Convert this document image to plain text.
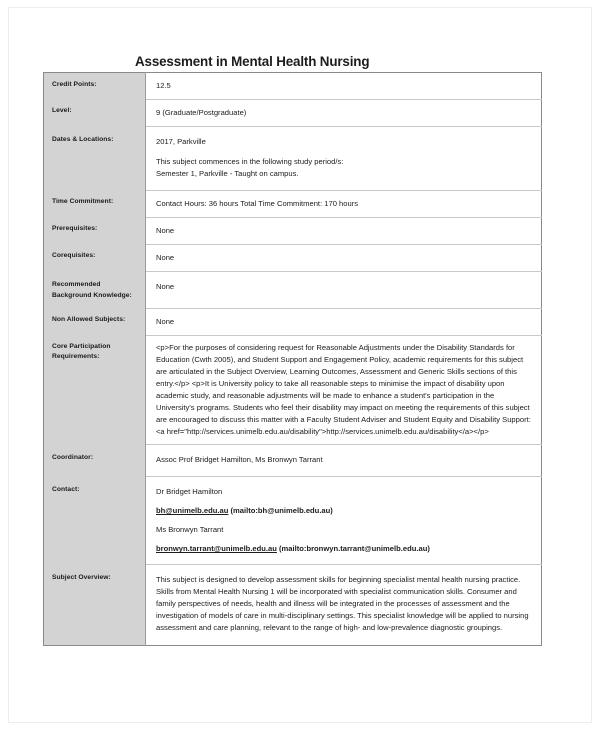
Assessment in Mental Health Nursing
Credit Points:	12.5
Level:	9 (Graduate/Postgraduate)
Dates & Locations:	2017, Parkville

This subject commences in the following study period/s:

Semester 1, Parkville - Taught on campus.

Time Commitment:	Contact Hours: 36 hours Total Time Commitment: 170 hours
Prerequisites:	None
Corequisites:	None
Recommended Background Knowledge:	None
Non Allowed Subjects:	None
Core Participation Requirements:	<p>For the purposes of considering request for Reasonable Adjustments under the Disability Standards for Education (Cwth 2005), and Student Support and Engagement Policy, academic requirements for this subject are articulated in the Subject Overview, Learning Outcomes, Assessment and Generic Skills sections of this entry.</p> <p>It is University policy to take all reasonable steps to minimise the impact of disability upon academic study, and reasonable adjustments will be made to enhance a student's participation in the University's programs. Students who feel their disability may impact on meeting the requirements of this subject are encouraged to discuss this matter with a Faculty Student Adviser and Student Equity and Disability Support: <a href="http://services.unimelb.edu.au/disability">http://services.unimelb.edu.au/disability</a></p>
Coordinator:	Assoc Prof Bridget Hamilton, Ms Bronwyn Tarrant
Contact:	Dr Bridget Hamilton

bh@unimelb.edu.au (mailto:bh@unimelb.edu.au)

Ms Bronwyn Tarrant

bronwyn.tarrant@unimelb.edu.au (mailto:bronwyn.tarrant@unimelb.edu.au)

Subject Overview:	This subject is designed to develop assessment skills for beginning specialist mental health nursing practice. Skills from Mental Health Nursing 1 will be incorporated with specialist communication skills. Consumer and family perspectives of needs, health and illness will be integrated in the processes of assessment and the investigation of models of care in multi-disciplinary settings. This specialist knowledge will be applied to nursing assessment and care planning, relevant to the range of high- and low-prevalence diagnostic groupings.
